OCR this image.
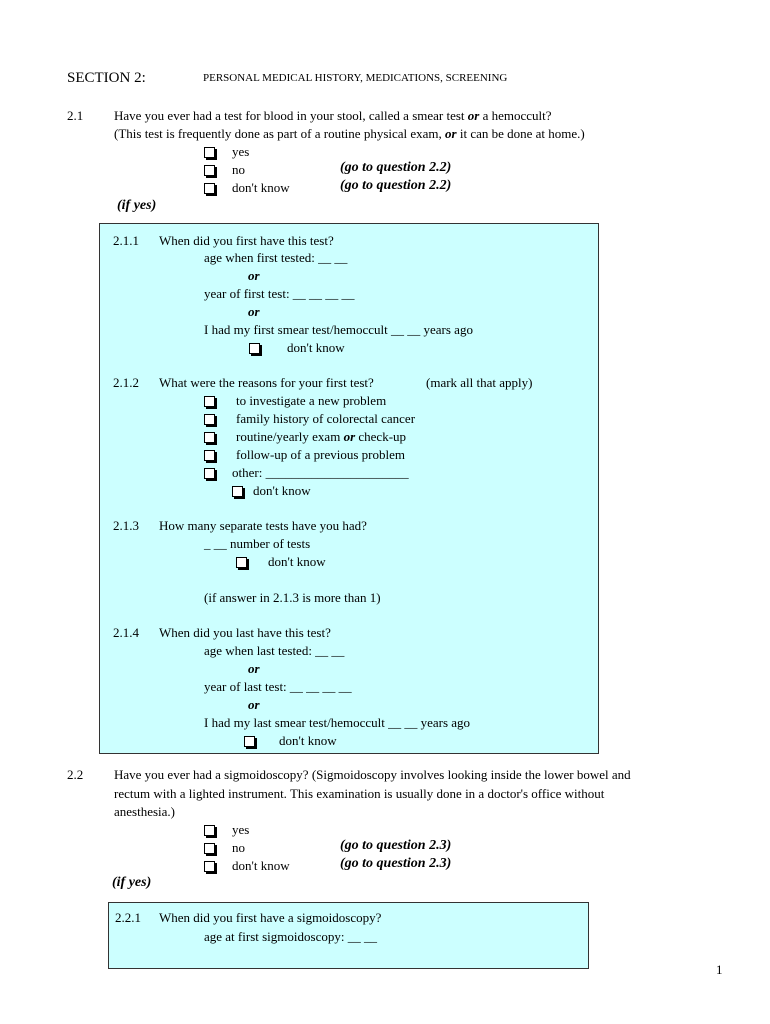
SECTION 2:	PERSONAL MEDICAL HISTORY, MEDICATIONS, SCREENING
2.1 Have you ever had a test for blood in your stool, called a smear test or a hemoccult?
(This test is frequently done as part of a routine physical exam, or it can be done at home.)
yes
no	(go to question 2.2)
don't know	(go to question 2.2)
(if yes)
2.1.1 When did you first have this test?
age when first tested: __ __
or
year of first test: __ __ __ __
or
I had my first smear test/hemoccult __ __ years ago
don't know
2.1.2 What were the reasons for your first test?	(mark all that apply)
to investigate a new problem
family history of colorectal cancer
routine/yearly exam or check-up
follow-up of a previous problem
other: ______________________
don't know
2.1.3 How many separate tests have you had?
_ __ number of tests
don't know
(if answer in 2.1.3 is more than 1)
2.1.4 When did you last have this test?
age when last tested: __ __
or
year of last test: __ __ __ __
or
I had my last smear test/hemoccult __ __ years ago
don't know
2.2 Have you ever had a sigmoidoscopy? (Sigmoidoscopy involves looking inside the lower bowel and
rectum with a lighted instrument. This examination is usually done in a doctor's office without
anesthesia.)
yes
no	(go to question 2.3)
don't know	(go to question 2.3)
(if yes)
2.2.1 When did you first have a sigmoidoscopy?
age at first sigmoidoscopy: __ __
1
